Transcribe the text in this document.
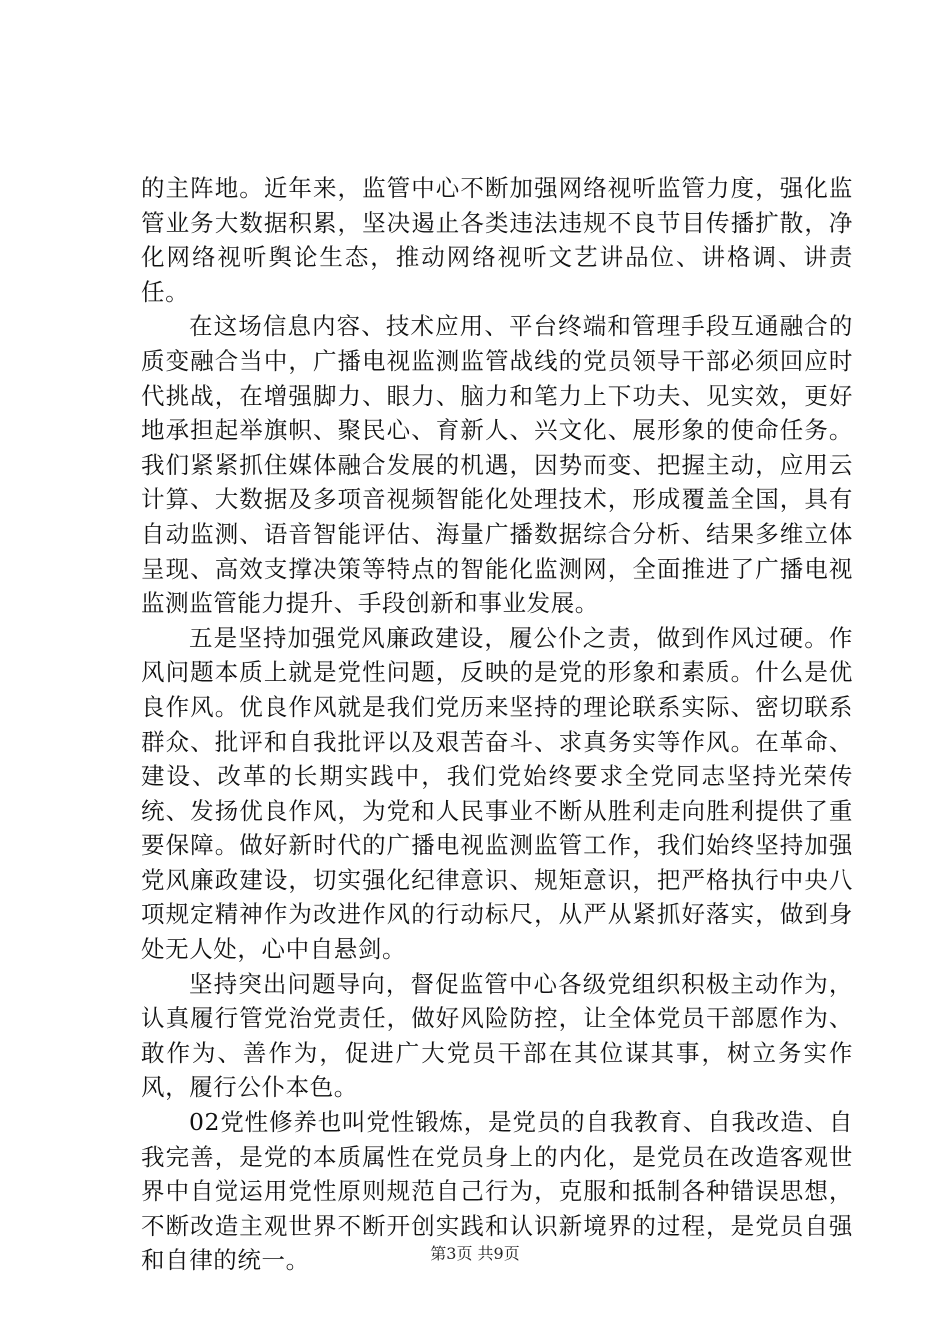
的主阵地。近年来，监管中心不断加强网络视听监管力度，强化监管业务大数据积累，坚决遏止各类违法违规不良节目传播扩散，净化网络视听舆论生态，推动网络视听文艺讲品位、讲格调、讲责任。

在这场信息内容、技术应用、平台终端和管理手段互通融合的质变融合当中，广播电视监测监管战线的党员领导干部必须回应时代挑战，在增强脚力、眼力、脑力和笔力上下功夫、见实效，更好地承担起举旗帜、聚民心、育新人、兴文化、展形象的使命任务。我们紧紧抓住媒体融合发展的机遇，因势而变、把握主动，应用云计算、大数据及多项音视频智能化处理技术，形成覆盖全国，具有自动监测、语音智能评估、海量广播数据综合分析、结果多维立体呈现、高效支撑决策等特点的智能化监测网，全面推进了广播电视监测监管能力提升、手段创新和事业发展。

五是坚持加强党风廉政建设，履公仆之责，做到作风过硬。作风问题本质上就是党性问题，反映的是党的形象和素质。什么是优良作风。优良作风就是我们党历来坚持的理论联系实际、密切联系群众、批评和自我批评以及艰苦奋斗、求真务实等作风。在革命、建设、改革的长期实践中，我们党始终要求全党同志坚持光荣传统、发扬优良作风，为党和人民事业不断从胜利走向胜利提供了重要保障。做好新时代的广播电视监测监管工作，我们始终坚持加强党风廉政建设，切实强化纪律意识、规矩意识，把严格执行中央八项规定精神作为改进作风的行动标尺，从严从紧抓好落实，做到身处无人处，心中自悬剑。

坚持突出问题导向，督促监管中心各级党组织积极主动作为，认真履行管党治党责任，做好风险防控，让全体党员干部愿作为、敢作为、善作为，促进广大党员干部在其位谋其事，树立务实作风，履行公仆本色。

02党性修养也叫党性锻炼，是党员的自我教育、自我改造、自我完善，是党的本质属性在党员身上的内化，是党员在改造客观世界中自觉运用党性原则规范自己行为，克服和抵制各种错误思想，不断改造主观世界不断开创实践和认识新境界的过程，是党员自强和自律的统一。	第3页 共9页
